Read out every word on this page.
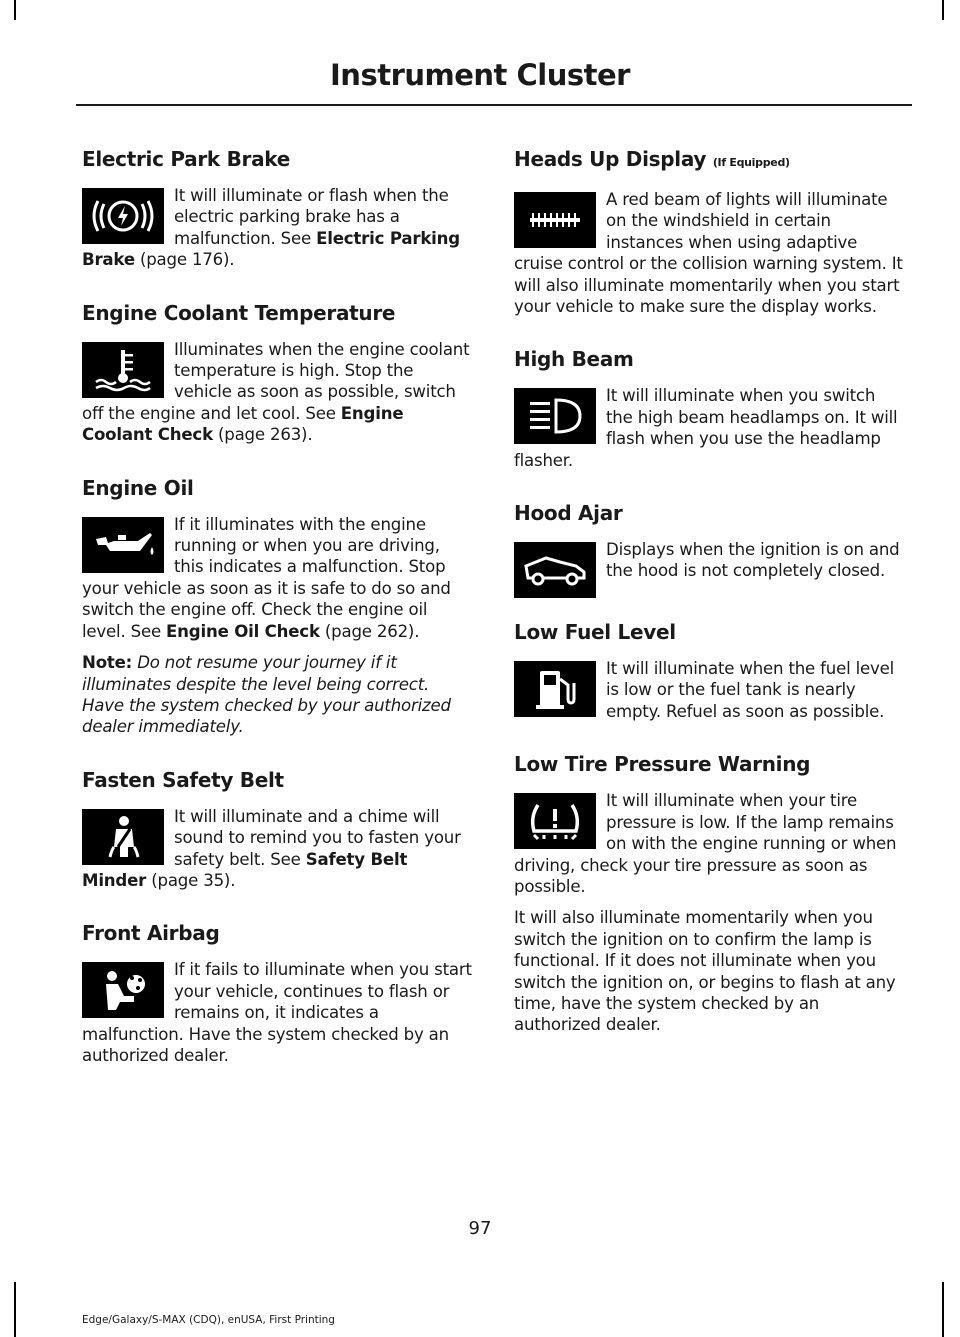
Instrument Cluster
Electric Park Brake

It will illuminate or flash when the electric parking brake has a malfunction. See Electric Parking Brake (page 176).

Engine Coolant Temperature

Illuminates when the engine coolant temperature is high. Stop the vehicle as soon as possible, switch off the engine and let cool. See Engine Coolant Check (page 263).

Engine Oil

If it illuminates with the engine running or when you are driving, this indicates a malfunction. Stop your vehicle as soon as it is safe to do so and switch the engine off. Check the engine oil level. See Engine Oil Check (page 262).

Note: Do not resume your journey if it illuminates despite the level being correct. Have the system checked by your authorized dealer immediately.

Fasten Safety Belt

It will illuminate and a chime will sound to remind you to fasten your safety belt. See Safety Belt Minder (page 35).

Front Airbag

If it fails to illuminate when you start your vehicle, continues to flash or remains on, it indicates a malfunction. Have the system checked by an authorized dealer.

Heads Up Display (If Equipped)

A red beam of lights will illuminate on the windshield in certain instances when using adaptive cruise control or the collision warning system. It will also illuminate momentarily when you start your vehicle to make sure the display works.

High Beam

It will illuminate when you switch the high beam headlamps on. It will flash when you use the headlamp flasher.

Hood Ajar

Displays when the ignition is on and the hood is not completely closed.

Low Fuel Level

It will illuminate when the fuel level is low or the fuel tank is nearly empty. Refuel as soon as possible.

Low Tire Pressure Warning

It will illuminate when your tire pressure is low. If the lamp remains on with the engine running or when driving, check your tire pressure as soon as possible.

It will also illuminate momentarily when you switch the ignition on to confirm the lamp is functional. If it does not illuminate when you switch the ignition on, or begins to flash at any time, have the system checked by an authorized dealer.

97
Edge/Galaxy/S-MAX (CDQ), enUSA, First Printing
